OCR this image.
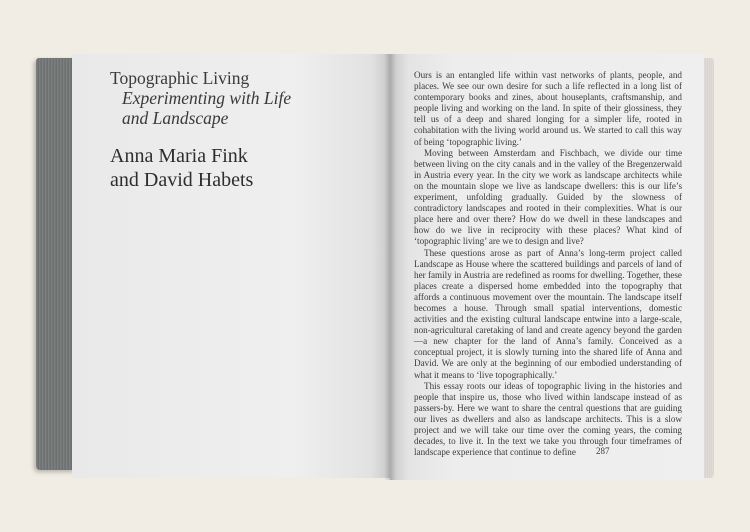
Topographic Living
Experimenting with Life
and Landscape
Anna Maria Fink
and David Habets

Ours is an entangled life within vast networks of plants, people, and places. We see our own desire for such a life reflected in a long list of contemporary books and zines, about houseplants, craftsmanship, and people living and working on the land. In spite of their glossiness, they tell us of a deep and shared longing for a simpler life, rooted in cohabitation with the living world around us. We started to call this way of being ‘topographic living.’

Moving between Amsterdam and Fischbach, we divide our time between living on the city canals and in the valley of the Bregenzerwald in Austria every year. In the city we work as landscape architects while on the mountain slope we live as landscape dwellers: this is our life’s experiment, unfolding gradually. Guided by the slowness of contradictory landscapes and rooted in their complexities. What is our place here and over there? How do we dwell in these landscapes and how do we live in reciprocity with these places? What kind of ‘topographic living’ are we to design and live?

These questions arose as part of Anna’s long-term project called Landscape as House where the scattered buildings and parcels of land of her family in Austria are redefined as rooms for dwelling. Together, these places create a dispersed home embedded into the topography that affords a continuous movement over the mountain. The landscape itself becomes a house. Through small spatial interventions, domestic activities and the existing cultural landscape entwine into a large-scale, non-agricultural caretaking of land and create agency beyond the garden—a new chapter for the land of Anna’s family. Conceived as a conceptual project, it is slowly turning into the shared life of Anna and David. We are only at the beginning of our embodied understanding of what it means to ‘live topographically.’

This essay roots our ideas of topographic living in the histories and people that inspire us, those who lived within landscape instead of as passers-by. Here we want to share the central questions that are guiding our lives as dwellers and also as landscape architects. This is a slow project and we will take our time over the coming years, the coming decades, to live it. In the text we take you through four timeframes of landscape experience that continue to define	287
